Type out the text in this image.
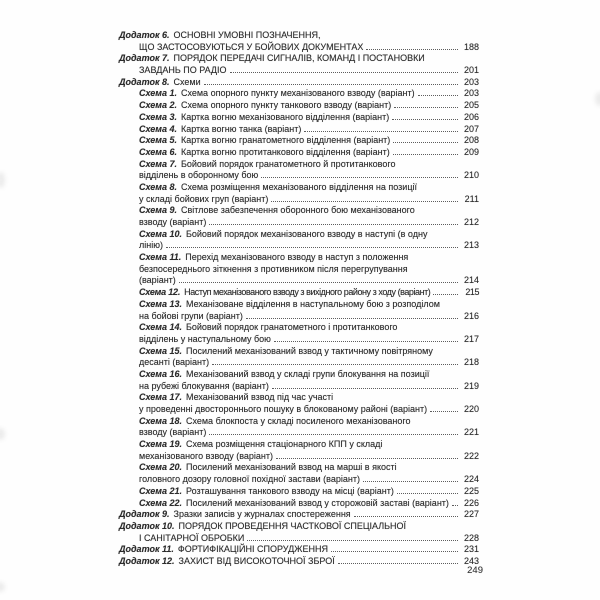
Додаток 6. ОСНОВНІ УМОВНІ ПОЗНАЧЕННЯ,
ЩО ЗАСТОСОВУЮТЬСЯ У БОЙОВИХ ДОКУМЕНТАХ	188
Додаток 7. ПОРЯДОК ПЕРЕДАЧІ СИГНАЛІВ, КОМАНД І ПОСТАНОВКИ
ЗАВДАНЬ ПО РАДІО	201
Додаток 8. Схеми	203
Схема 1. Схема опорного пункту механізованого взводу (варіант)	203
Схема 2. Схема опорного пункту танкового взводу (варіант)	205
Схема 3. Картка вогню механізованого відділення (варіант)	206
Схема 4. Картка вогню танка (варіант)	207
Схема 5. Картка вогню гранатометного відділення (варіант)	208
Схема 6. Картка вогню протитанкового відділення (варіант)	209
Схема 7. Бойовий порядок гранатометного й протитанкового
відділень в оборонному бою	210
Схема 8. Схема розміщення механізованого відділення на позиції
у складі бойових груп (варіант)	211
Схема 9. Світлове забезпечення оборонного бою механізованого
взводу (варіант)	212
Схема 10. Бойовий порядок механізованого взводу в наступі (в одну
лінію)	213
Схема 11. Перехід механізованого взводу в наступ з положення
безпосереднього зіткнення з противником після перегрупування
(варіант)	214
Схема 12. Наступ механізованого взводу з вихідного району з ходу (варіант)	215
Схема 13. Механізоване відділення в наступальному бою з розподілом
на бойові групи (варіант)	216
Схема 14. Бойовий порядок гранатометного і протитанкового
відділень у наступальному бою	217
Схема 15. Посилений механізований взвод у тактичному повітряному
десанті (варіант)	218
Схема 16. Механізований взвод у складі групи блокування на позиції
на рубежі блокування (варіант)	219
Схема 17. Механізований взвод під час участі
у проведенні двостороннього пошуку в блокованому районі (варіант)	220
Схема 18. Схема блокпоста у складі посиленого механізованого
взводу (варіант)	221
Схема 19. Схема розміщення стаціонарного КПП у складі
механізованого взводу (варіант)	222
Схема 20. Посилений механізований взвод на марші в якості
головного дозору головної похідної застави (варіант)	224
Схема 21. Розташування танкового взводу на місці (варіант)	225
Схема 22. Посилений механізований взвод у сторожовій заставі (варіант)	226
Додаток 9. Зразки записів у журналах спостереження	227
Додаток 10. ПОРЯДОК ПРОВЕДЕННЯ ЧАСТКОВОЇ СПЕЦІАЛЬНОЇ
І САНІТАРНОЇ ОБРОБКИ	228
Додаток 11. ФОРТИФІКАЦІЙНІ СПОРУДЖЕННЯ	231
Додаток 12. ЗАХИСТ ВІД ВИСОКОТОЧНОЇ ЗБРОЇ	243
249
